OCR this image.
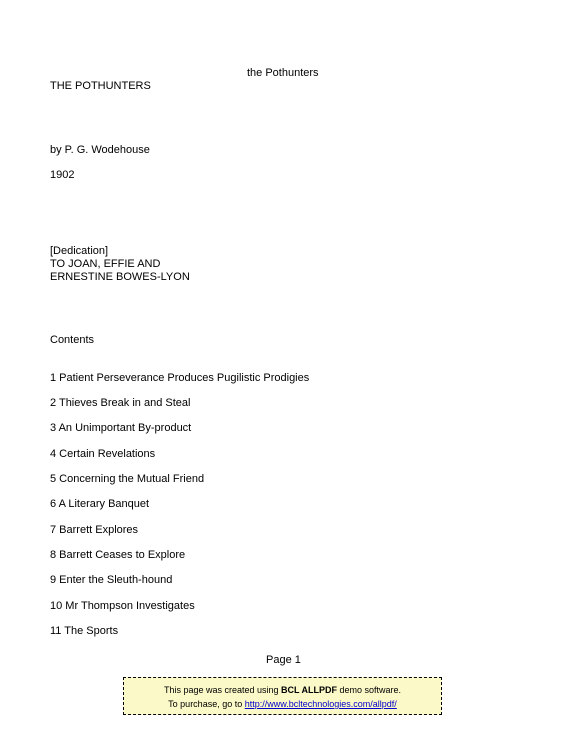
the Pothunters
THE POTHUNTERS
by P. G. Wodehouse
1902
[Dedication]
TO JOAN, EFFIE AND
ERNESTINE BOWES-LYON
Contents
1 Patient Perseverance Produces Pugilistic Prodigies
2 Thieves Break in and Steal
3 An Unimportant By-product
4 Certain Revelations
5 Concerning the Mutual Friend
6 A Literary Banquet
7 Barrett Explores
8 Barrett Ceases to Explore
9 Enter the Sleuth-hound
10 Mr Thompson Investigates
11 The Sports
Page 1
This page was created using BCL ALLPDF demo software.
To purchase, go to http://www.bcltechnologies.com/allpdf/
